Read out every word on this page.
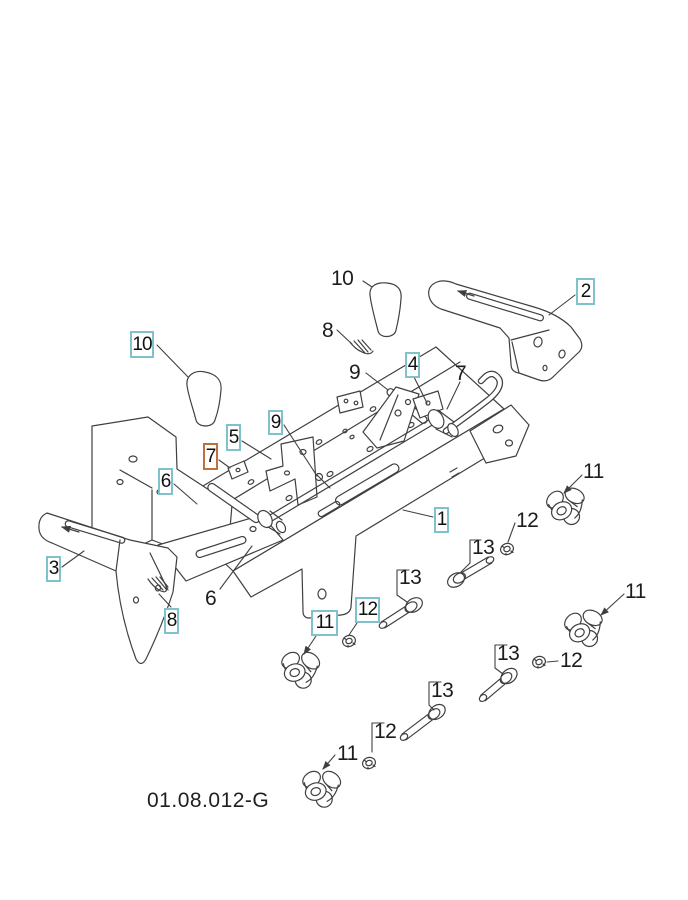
10
2
4
9
5
7
6
3
8
1
11
12
10
8
9	7
6
11
12
13
13
11
12
13
13
12
11
01.08.012-G
